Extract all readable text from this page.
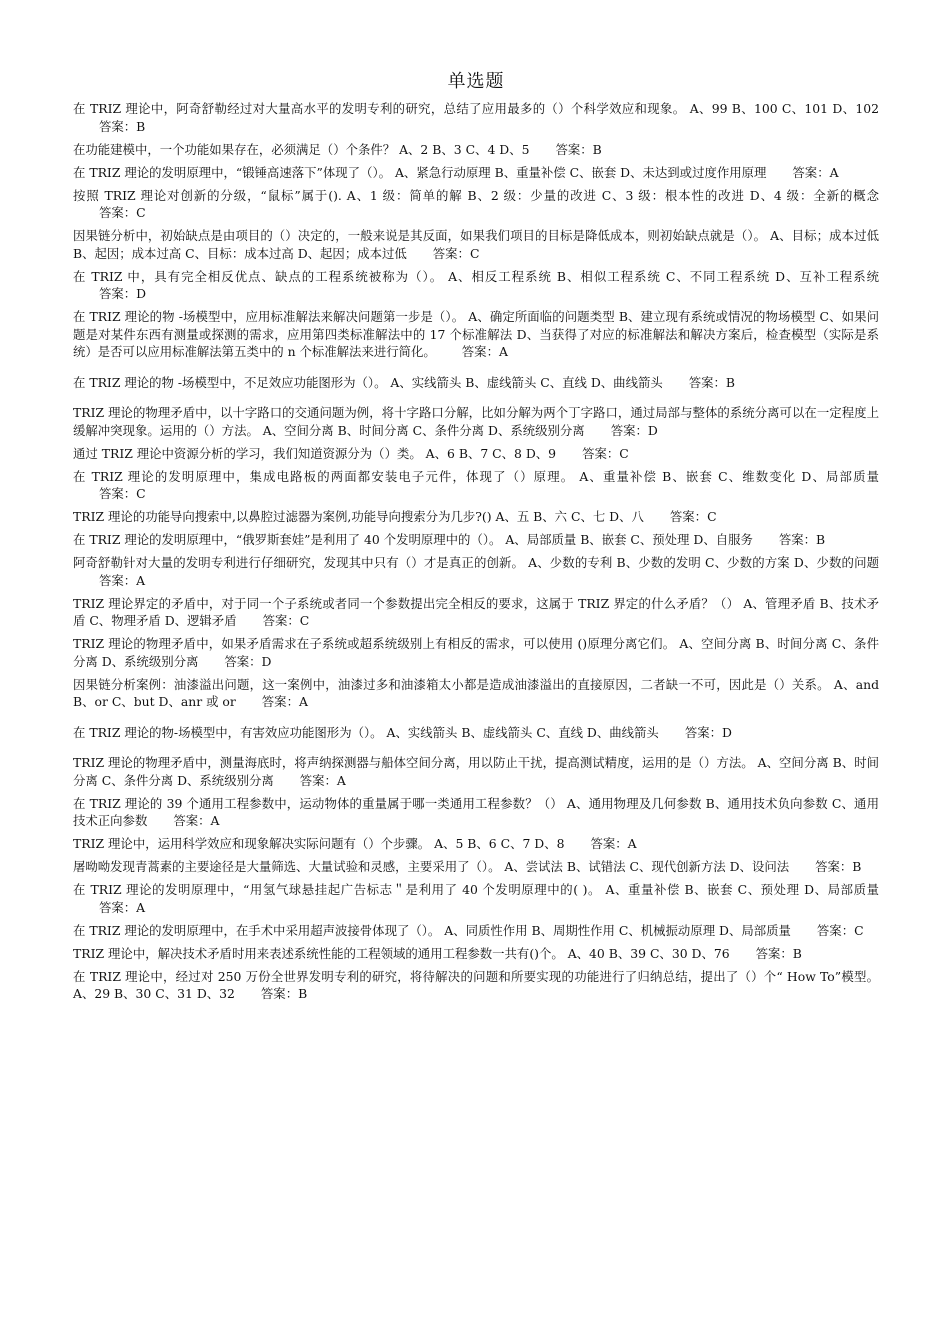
单选题
在 TRIZ 理论中，阿奇舒勒经过对大量高水平的发明专利的研究，总结了应用最多的（）个科学效应和现象。 A、99 B、100 C、101 D、102答案：B
在功能建模中，一个功能如果存在，必须满足（）个条件？ A、2 B、3 C、4 D、5 答案：B
在 TRIZ 理论的发明原理中，“锻锤高速落下”体现了（）。 A、紧急行动原理 B、重量补偿 C、嵌套 D、未达到或过度作用原理 答案：A
按照 TRIZ 理论对创新的分级，“鼠标”属于(). A、1 级：简单的解 B、2 级：少量的改进 C、3 级：根本性的改进 D、4 级：全新的概念答案：C
因果链分析中，初始缺点是由项目的（）决定的，一般来说是其反面，如果我们项目的目标是降低成本，则初始缺点就是（）。 A、目标；成本过低 B、起因；成本过高 C、目标：成本过高 D、起因；成本过低 答案：C
在 TRIZ 中，具有完全相反优点、缺点的工程系统被称为（）。 A、相反工程系统 B、相似工程系统 C、不同工程系统 D、互补工程系统答案：D
在 TRIZ 理论的物 -场模型中，应用标准解法来解决问题第一步是（）。 A、确定所面临的问题类型 B、建立现有系统或情况的物场模型 C、如果问题是对某件东西有测量或探测的需求，应用第四类标准解法中的 17 个标准解法 D、当获得了对应的标准解法和解决方案后，检查模型（实际是系统）是否可以应用标准解法第五类中的 n 个标准解法来进行简化。 答案：A
在 TRIZ 理论的物 -场模型中，不足效应功能图形为（）。 A、实线箭头 B、虚线箭头 C、直线 D、曲线箭头 答案：B
TRIZ 理论的物理矛盾中，以十字路口的交通问题为例，将十字路口分解，比如分解为两个丁字路口，通过局部与整体的系统分离可以在一定程度上缓解冲突现象。运用的（）方法。 A、空间分离 B、时间分离 C、条件分离 D、系统级别分离 答案：D
通过 TRIZ 理论中资源分析的学习，我们知道资源分为（）类。 A、6 B、7 C、8 D、9 答案：C
在 TRIZ 理论的发明原理中，集成电路板的两面都安装电子元件，体现了（）原理。 A、重量补偿 B、嵌套 C、维数变化 D、局部质量答案：C
TRIZ 理论的功能导向搜索中,以鼻腔过滤器为案例,功能导向搜索分为几步?() A、五 B、六 C、七 D、八 答案：C
在 TRIZ 理论的发明原理中，“俄罗斯套娃”是利用了 40 个发明原理中的（）。 A、局部质量 B、嵌套 C、预处理 D、自服务 答案：B
阿奇舒勒针对大量的发明专利进行仔细研究，发现其中只有（）才是真正的创新。 A、少数的专利 B、少数的发明 C、少数的方案 D、少数的问题答案：A
TRIZ 理论界定的矛盾中，对于同一个子系统或者同一个参数提出完全相反的要求，这属于 TRIZ 界定的什么矛盾？（） A、管理矛盾 B、技术矛盾 C、物理矛盾 D、逻辑矛盾 答案：C
TRIZ 理论的物理矛盾中，如果矛盾需求在子系统或超系统级别上有相反的需求，可以使用 ()原理分离它们。 A、空间分离 B、时间分离 C、条件分离 D、系统级别分离 答案：D
因果链分析案例：油漆溢出问题，这一案例中，油漆过多和油漆箱太小都是造成油漆溢出的直接原因，二者缺一不可，因此是（）关系。 A、and B、or C、but D、anr 或 or 答案：A
在 TRIZ 理论的物-场模型中，有害效应功能图形为（）。 A、实线箭头 B、虚线箭头 C、直线 D、曲线箭头 答案：D
TRIZ 理论的物理矛盾中，测量海底时，将声纳探测器与船体空间分离，用以防止干扰，提高测试精度，运用的是（）方法。 A、空间分离 B、时间分离 C、条件分离 D、系统级别分离 答案：A
在 TRIZ 理论的 39 个通用工程参数中，运动物体的重量属于哪一类通用工程参数？（） A、通用物理及几何参数 B、通用技术负向参数 C、通用技术正向参数 答案：A
TRIZ 理论中，运用科学效应和现象解决实际问题有（）个步骤。 A、5 B、6 C、7 D、8 答案：A
屠呦呦发现青蒿素的主要途径是大量筛选、大量试验和灵感，主要采用了（）。 A、尝试法 B、试错法 C、现代创新方法 D、设问法 答案：B
在 TRIZ 理论的发明原理中，“用氢气球悬挂起广告标志＂是利用了 40 个发明原理中的( )。 A、重量补偿 B、嵌套 C、预处理 D、局部质量答案：A
在 TRIZ 理论的发明原理中，在手术中采用超声波接骨体现了（）。 A、同质性作用 B、周期性作用 C、机械振动原理 D、局部质量 答案：C
TRIZ 理论中，解决技术矛盾时用来表述系统性能的工程领域的通用工程参数一共有()个。 A、40 B、39 C、30 D、76 答案：B
在 TRIZ 理论中，经过对 250 万份全世界发明专利的研究，将待解决的问题和所要实现的功能进行了归纳总结，提出了（）个“ How To”模型。 A、29 B、30 C、31 D、32 答案：B
